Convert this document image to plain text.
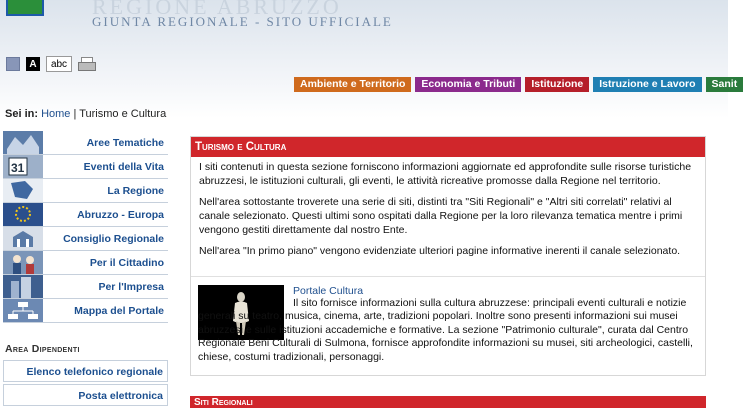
REGIONE ABRUZZO
GIUNTA REGIONALE - SITO UFFICIALE
A	abc
Ambiente e Territorio	Economia e Tributi	Istituzione	Istruzione e Lavoro	Sanit
Sei in: Home | Turismo e Cultura
Aree Tematiche
31	Eventi della Vita
La Regione
Abruzzo - Europa
Consiglio Regionale
Per il Cittadino
Per l'Impresa
Mappa del Portale
Area Dipendenti
Elenco telefonico regionale
Posta elettronica
Turismo e Cultura

I siti contenuti in questa sezione forniscono informazioni aggiornate ed approfondite sulle risorse turistiche abruzzesi, le istituzioni culturali, gli eventi, le attività ricreative promosse dalla Regione nel territorio.

Nell'area sottostante troverete una serie di siti, distinti tra "Siti Regionali" e "Altri siti correlati" relativi al canale selezionato. Questi ultimi sono ospitati dalla Regione per la loro rilevanza tematica mentre i primi vengono gestiti direttamente dal nostro Ente.

Nell'area "In primo piano" vengono evidenziate ulteriori pagine informative inerenti il canale selezionato.

Portale Cultura
Il sito fornisce informazioni sulla cultura abruzzese: principali eventi culturali e notizie generali su teatro, musica, cinema, arte, tradizioni popolari. Inoltre sono presenti informazioni sui musei abruzzesi e sulle istituzioni accademiche e formative. La sezione "Patrimonio culturale", curata dal Centro Regionale Beni Culturali di Sulmona, fornisce approfondite informazioni su musei, siti archeologici, castelli, chiese, costumi tradizionali, personaggi.
Siti Regionali
